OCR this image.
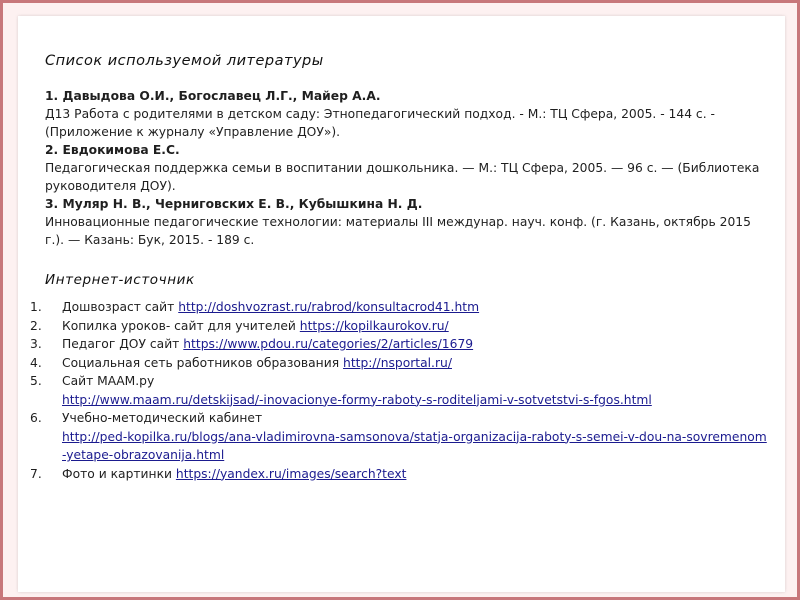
Список используемой литературы

1. Давыдова О.И., Богославец Л.Г., Майер А.А.

Д13 Работа с родителями в детском саду: Этнопедагогический подход. - М.: ТЦ Сфера, 2005. - 144 с. - (Приложение к журналу «Управление ДОУ»).

2. Евдокимова Е.С.

Педагогическая поддержка семьи в воспитании дошкольника. — М.: ТЦ Сфера, 2005. — 96 с. — (Библиотека руководителя ДОУ).

3. Муляр Н. В., Черниговских Е. В., Кубышкина Н. Д.

Инновационные педагогические технологии: материалы III междунар. науч. конф. (г. Казань, октябрь 2015 г.). — Казань: Бук, 2015. - 189 с.

Интернет-источник
1. Дошвозраст сайт http://doshvozrast.ru/rabrod/konsultacrod41.htm
2. Копилка уроков- сайт для учителей https://kopilkaurokov.ru/
3. Педагог ДОУ сайт https://www.pdou.ru/categories/2/articles/1679
4. Социальная сеть работников образования http://nsportal.ru/
5. Сайт МААМ.ру
http://www.maam.ru/detskijsad/-inovacionye-formy-raboty-s-roditeljami-v-sotvetstvi-s-fgos.html
6. Учебно-методический кабинет
http://ped-kopilka.ru/blogs/ana-vladimirovna-samsonova/statja-organizacija-raboty-s-semei-v-dou-na-sovremenom-yetape-obrazovanija.html
7. Фото и картинки https://yandex.ru/images/search?text
